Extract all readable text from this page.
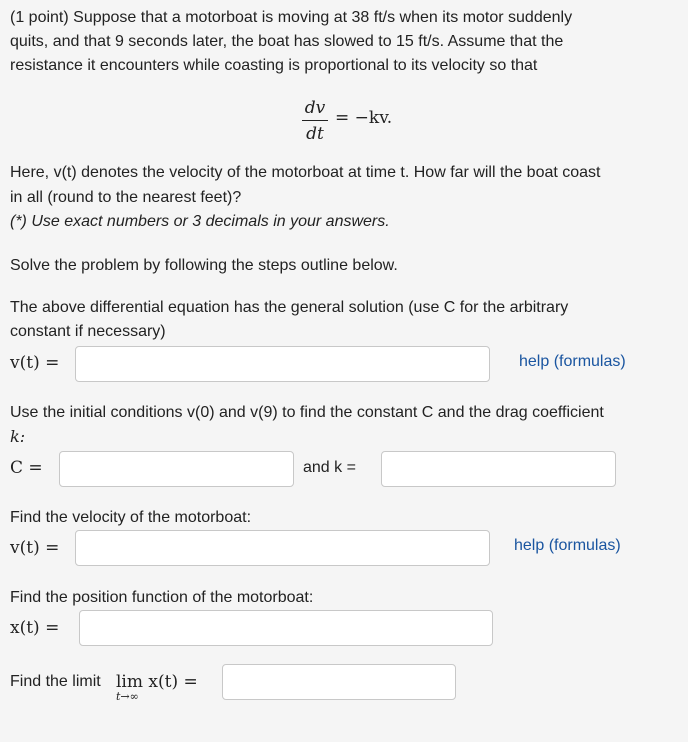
(1 point) Suppose that a motorboat is moving at 38 ft/s when its motor suddenly
quits, and that 9 seconds later, the boat has slowed to 15 ft/s. Assume that the
resistance it encounters while coasting is proportional to its velocity so that
dv
dt
= −kv.
Here, v(t) denotes the velocity of the motorboat at time t. How far will the boat coast
in all (round to the nearest feet)?
(*) Use exact numbers or 3 decimals in your answers.
Solve the problem by following the steps outline below.
The above differential equation has the general solution (use C for the arbitrary
constant if necessary)
v(t) =	help (formulas)
Use the initial conditions v(0) and v(9) to find the constant C and the drag coefficient
k:
C =	and k =
Find the velocity of the motorboat:
v(t) =	help (formulas)
Find the position function of the motorboat:
x(t) =
Find the limit lim x(t) =
t→∞
